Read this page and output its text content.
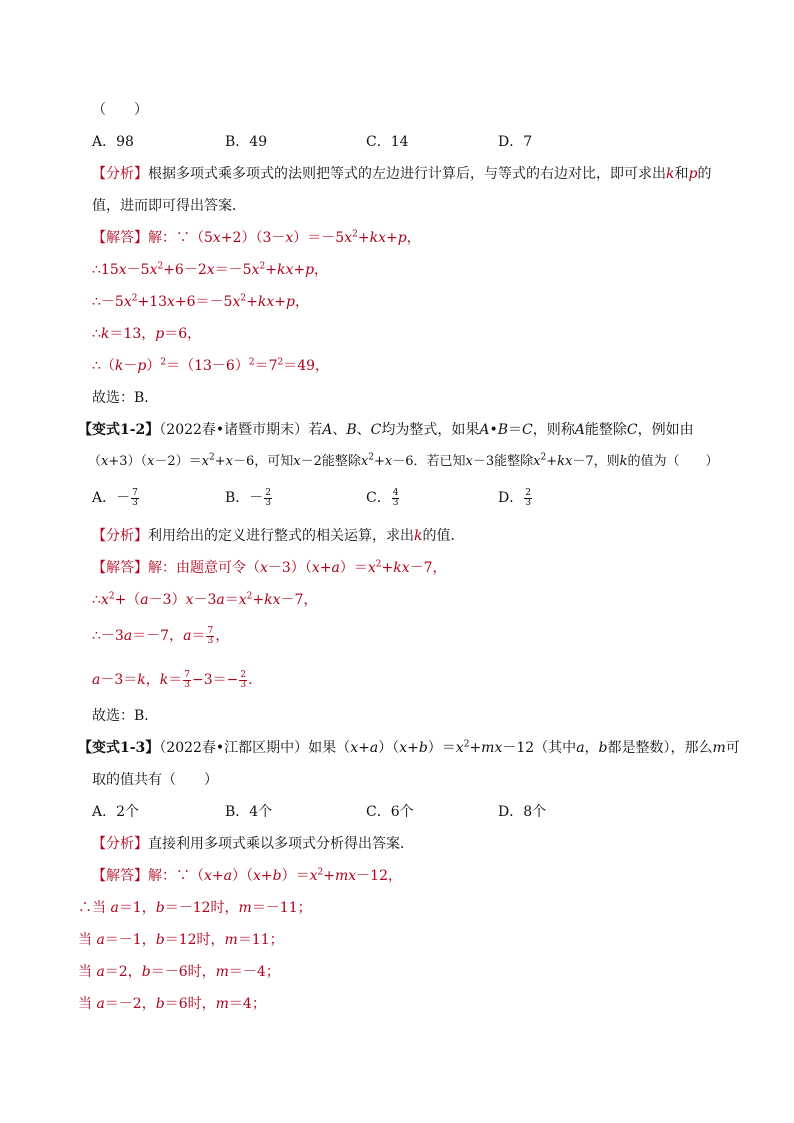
（　　）
A．98	B．49	C．14	D．7
【分析】根据多项式乘多项式的法则把等式的左边进行计算后，与等式的右边对比，即可求出k和p的
值，进而即可得出答案．
【解答】解：$\because(5x+2)(3-x)=-5x^2+kx+p$，
$\therefore 15x-5x^2+6-2x=-5x^2+kx+p$，
$\therefore-5x^2+13x+6=-5x^2+kx+p$，
∴k＝13，p＝6，
$\therefore(k-p)^2=(13-6)^2=7^2=49$，
故选：B．
【变式1-2】（2022春•诸暨市期末）若A、B、C均为整式，如果A•B＝C，则称A能整除C，例如由
$(x+3)(x-2)=x^2+x-6$，可知x－2能整除$x^2+x-6$．若已知x－3能整除$x^2+kx-7$，则k的值为（　　）
A．－ $\frac{7}{3}$	B．－ $\frac{2}{3}$	C． $\frac{4}{3}$	D． $\frac{2}{3}$
【分析】利用给出的定义进行整式的相关运算，求出k的值．
【解答】解：由题意可令$(x-3)(x+a)=x^2+kx-7$，
$\therefore x^2+(a-3)x-3a=x^2+kx-7$，
∴－3a＝－7，$a= \frac{7}{3}$ ，
a－3＝k，$k= \frac{7}{3} -3=- \frac{2}{3}$ ．
故选：B．
【变式1-3】（2022春•江都区期中）如果$(x+a)(x+b)=x^2+mx-12$（其中a，b都是整数），那么m可
取的值共有（　　）
A．2个	B．4个	C．6个	D．8个
【分析】直接利用多项式乘以多项式分析得出答案．
【解答】解：$\because(x+a)(x+b)=x^2+mx-12$，
∴当 a＝1，b＝－12时，m＝－11；
当 a＝－1，b＝12时，m＝11；
当 a＝2，b＝－6时，m＝－4；
当 a＝－2，b＝6时，m＝4；
